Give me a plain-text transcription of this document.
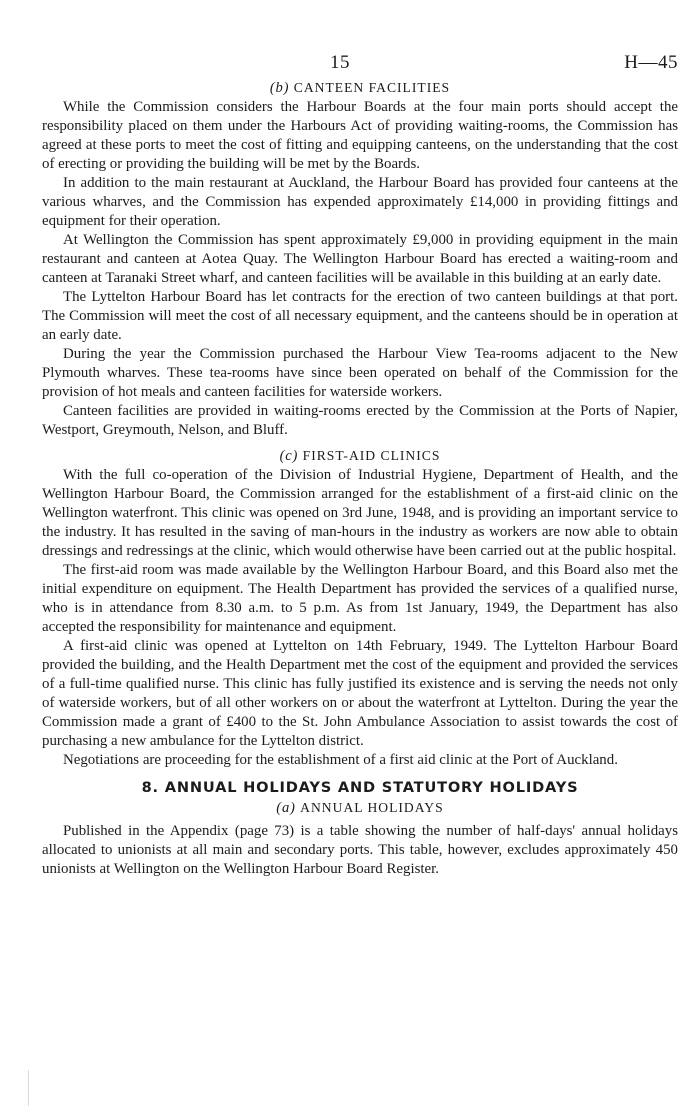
15	H—45

(b) CANTEEN FACILITIES

While the Commission considers the Harbour Boards at the four main ports should accept the responsibility placed on them under the Harbours Act of providing waiting-rooms, the Commission has agreed at these ports to meet the cost of fitting and equipping canteens, on the understanding that the cost of erecting or providing the building will be met by the Boards.

In addition to the main restaurant at Auckland, the Harbour Board has provided four canteens at the various wharves, and the Commission has expended approximately £14,000 in providing fittings and equipment for their operation.

At Wellington the Commission has spent approximately £9,000 in providing equipment in the main restaurant and canteen at Aotea Quay. The Wellington Harbour Board has erected a waiting-room and canteen at Taranaki Street wharf, and canteen facilities will be available in this building at an early date.

The Lyttelton Harbour Board has let contracts for the erection of two canteen buildings at that port. The Commission will meet the cost of all necessary equipment, and the canteens should be in operation at an early date.

During the year the Commission purchased the Harbour View Tea-rooms adjacent to the New Plymouth wharves. These tea-rooms have since been operated on behalf of the Commission for the provision of hot meals and canteen facilities for waterside workers.

Canteen facilities are provided in waiting-rooms erected by the Commission at the Ports of Napier, Westport, Greymouth, Nelson, and Bluff.

(c) FIRST-AID CLINICS

With the full co-operation of the Division of Industrial Hygiene, Department of Health, and the Wellington Harbour Board, the Commission arranged for the establishment of a first-aid clinic on the Wellington waterfront. This clinic was opened on 3rd June, 1948, and is providing an important service to the industry. It has resulted in the saving of man-hours in the industry as workers are now able to obtain dressings and redressings at the clinic, which would otherwise have been carried out at the public hospital.

The first-aid room was made available by the Wellington Harbour Board, and this Board also met the initial expenditure on equipment. The Health Department has provided the services of a qualified nurse, who is in attendance from 8.30 a.m. to 5 p.m. As from 1st January, 1949, the Department has also accepted the responsibility for maintenance and equipment.

A first-aid clinic was opened at Lyttelton on 14th February, 1949. The Lyttelton Harbour Board provided the building, and the Health Department met the cost of the equipment and provided the services of a full-time qualified nurse. This clinic has fully justified its existence and is serving the needs not only of waterside workers, but of all other workers on or about the waterfront at Lyttelton. During the year the Commission made a grant of £400 to the St. John Ambulance Association to assist towards the cost of purchasing a new ambulance for the Lyttelton district.

Negotiations are proceeding for the establishment of a first aid clinic at the Port of Auckland.

8. ANNUAL HOLIDAYS AND STATUTORY HOLIDAYS

(a) ANNUAL HOLIDAYS

Published in the Appendix (page 73) is a table showing the number of half-days' annual holidays allocated to unionists at all main and secondary ports. This table, however, excludes approximately 450 unionists at Wellington on the Wellington Harbour Board Register.
